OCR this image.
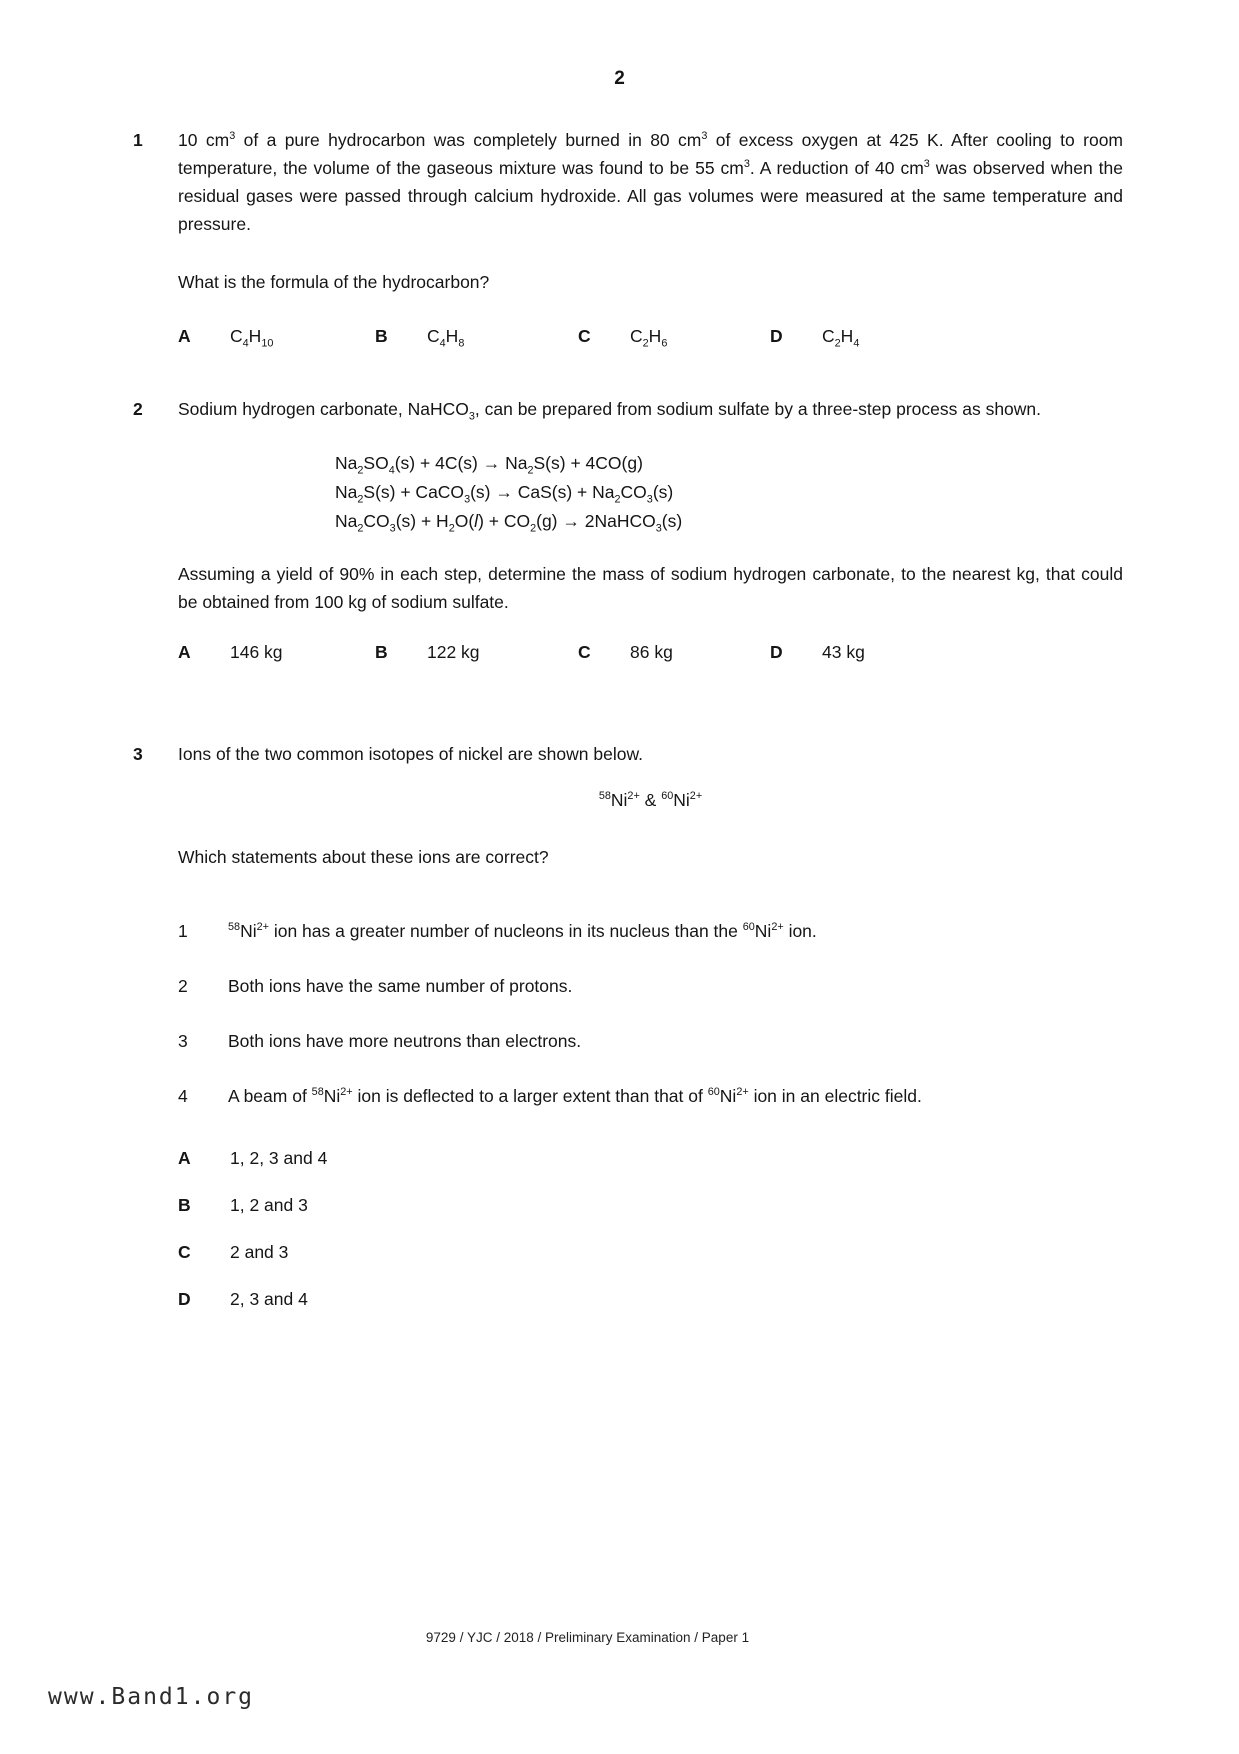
2
1	10 $cm^3$ of a pure hydrocarbon was completely burned in 80 $cm^3$ of excess oxygen at 425 K. After cooling to room temperature, the volume of the gaseous mixture was found to be 55 $cm^3$. A reduction of 40 $cm^3$ was observed when the residual gases were passed through calcium hydroxide. All gas volumes were measured at the same temperature and pressure.

What is the formula of the hydrocarbon?

A	$C_4H_{10}$	B	$C_4H_8$	C	$C_2H_6$	D	$C_2H_4$
2	Sodium hydrogen carbonate, NaHCO$_3$, can be prepared from sodium sulfate by a three-step process as shown.

$Na_2SO_4(s) + 4C(s) \to Na_2S(s) + 4CO(g)$
$Na_2S(s)$ + CaCO$_3$(s) → $CaS(s) + Na_2CO_3(s)$
$Na_2CO_3(s) + H_2O(l) + CO_2(g)$ → 2NaHCO$_3$(s)

Assuming a yield of 90% in each step, determine the mass of sodium hydrogen carbonate, to the nearest kg, that could be obtained from 100 kg of sodium sulfate.

A	146 kg	B	122 kg	C	86 kg	D	43 kg
3	Ions of the two common isotopes of nickel are shown below.

$^{58}Ni^{2+}$ & $^{60}Ni^{2+}$

Which statements about these ions are correct?

1	$^{58}Ni^{2+}$ ion has a greater number of nucleons in its nucleus than the $^{60}Ni^{2+}$ ion.
2	Both ions have the same number of protons.
3	Both ions have more neutrons than electrons.
4	A beam of $^{58}Ni^{2+}$ ion is deflected to a larger extent than that of $^{60}Ni^{2+}$ ion in an electric field.
A	1, 2, 3 and 4
B	1, 2 and 3
C	2 and 3
D	2, 3 and 4
9729 / YJC / 2018 / Preliminary Examination / Paper 1
www.Band1.org
